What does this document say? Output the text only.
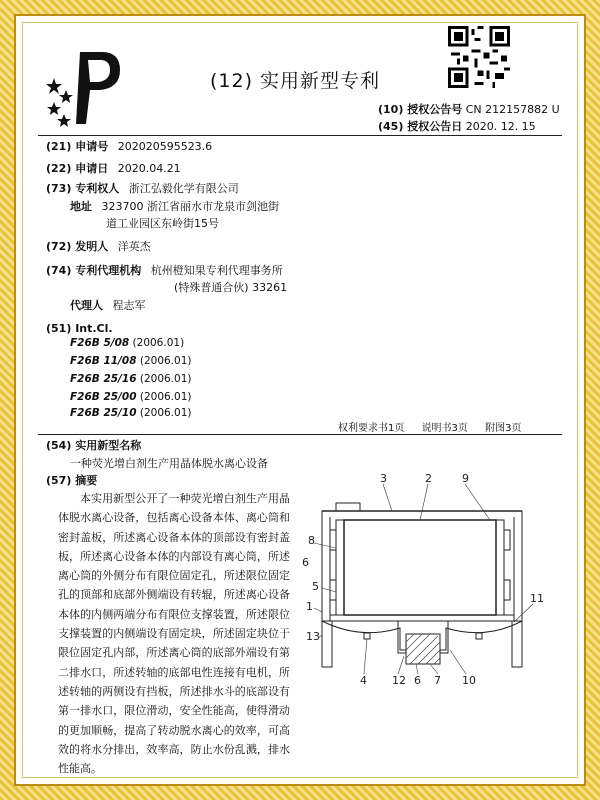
(12) 实用新型专利
(10) 授权公告号 CN 212157882 U
(45) 授权公告日 2020. 12. 15
(21) 申请号 202020595523.6
(22) 申请日 2020.04.21
(73) 专利权人 浙江弘毅化学有限公司
地址 323700 浙江省丽水市龙泉市剑池街
道工业园区东岭街15号
(72) 发明人 洋英杰
(74) 专利代理机构 杭州橙知果专利代理事务所
(特殊普通合伙) 33261
代理人 程志军
(51) Int.Cl.
F26B 5/08 (2006.01)
F26B 11/08 (2006.01)
F26B 25/16 (2006.01)
F26B 25/00 (2006.01)
F26B 25/10 (2006.01)
权利要求书1页 说明书3页 附图3页
(54) 实用新型名称
一种荧光增白剂生产用晶体脱水离心设备
(57) 摘要
本实用新型公开了一种荧光增白剂生产用晶体脱水离心设备，包括离心设备本体、离心筒和密封盖板，所述离心设备本体的顶部设有密封盖板，所述离心设备本体的内部设有离心筒，所述离心筒的外侧分布有限位固定孔，所述限位固定孔的顶部和底部外侧端设有转辊，所述离心设备本体的内侧两端分布有限位支撑装置，所述限位支撑装置的内侧端设有固定块，所述固定块位于限位固定孔内部，所述离心筒的底部外端设有第二排水口，所述转轴的底部电性连接有电机，所述转轴的两侧设有挡板，所述排水斗的底部设有第一排水口，限位滑动，安全性能高，使得滑动的更加顺畅，提高了转动脱水离心的效率，可高效的将水分排出，效率高，防止水份乱溅，排水性能高。
3	2	9
8
6
5
1
11
13
4 12 6 7 10
